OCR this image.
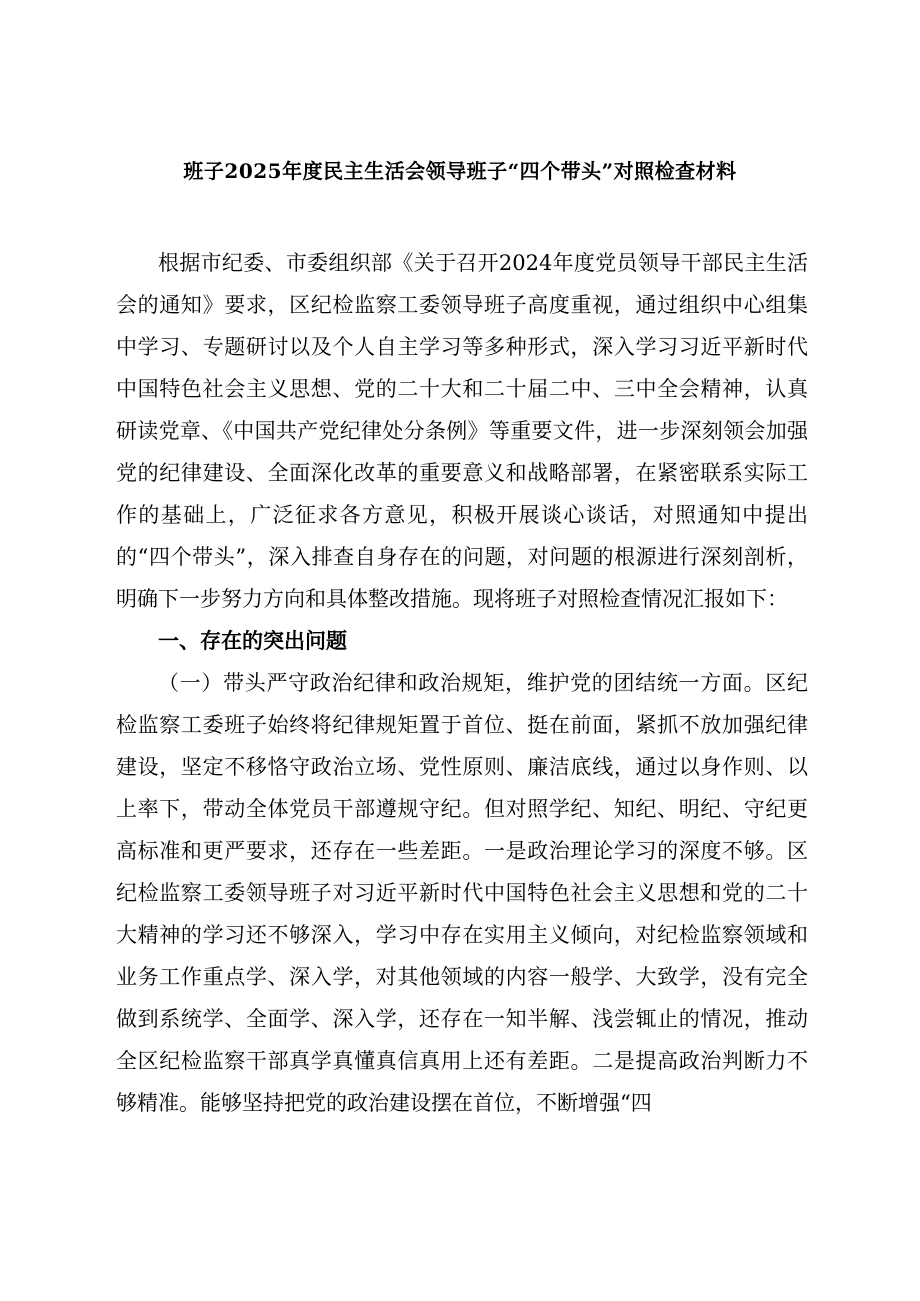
班子2025年度民主生活会领导班子“四个带头”对照检查材料

根据市纪委、市委组织部《关于召开2024年度党员领导干部民主生活会的通知》要求，区纪检监察工委领导班子高度重视，通过组织中心组集中学习、专题研讨以及个人自主学习等多种形式，深入学习习近平新时代中国特色社会主义思想、党的二十大和二十届二中、三中全会精神，认真研读党章、《中国共产党纪律处分条例》等重要文件，进一步深刻领会加强党的纪律建设、全面深化改革的重要意义和战略部署，在紧密联系实际工作的基础上，广泛征求各方意见，积极开展谈心谈话，对照通知中提出的“四个带头”，深入排查自身存在的问题，对问题的根源进行深刻剖析，明确下一步努力方向和具体整改措施。现将班子对照检查情况汇报如下：

一、存在的突出问题

（一）带头严守政治纪律和政治规矩，维护党的团结统一方面。区纪检监察工委班子始终将纪律规矩置于首位、挺在前面，紧抓不放加强纪律建设，坚定不移恪守政治立场、党性原则、廉洁底线，通过以身作则、以上率下，带动全体党员干部遵规守纪。但对照学纪、知纪、明纪、守纪更高标准和更严要求，还存在一些差距。一是政治理论学习的深度不够。区纪检监察工委领导班子对习近平新时代中国特色社会主义思想和党的二十大精神的学习还不够深入，学习中存在实用主义倾向，对纪检监察领域和业务工作重点学、深入学，对其他领域的内容一般学、大致学，没有完全做到系统学、全面学、深入学，还存在一知半解、浅尝辄止的情况，推动全区纪检监察干部真学真懂真信真用上还有差距。二是提高政治判断力不够精准。能够坚持把党的政治建设摆在首位，不断增强“四
